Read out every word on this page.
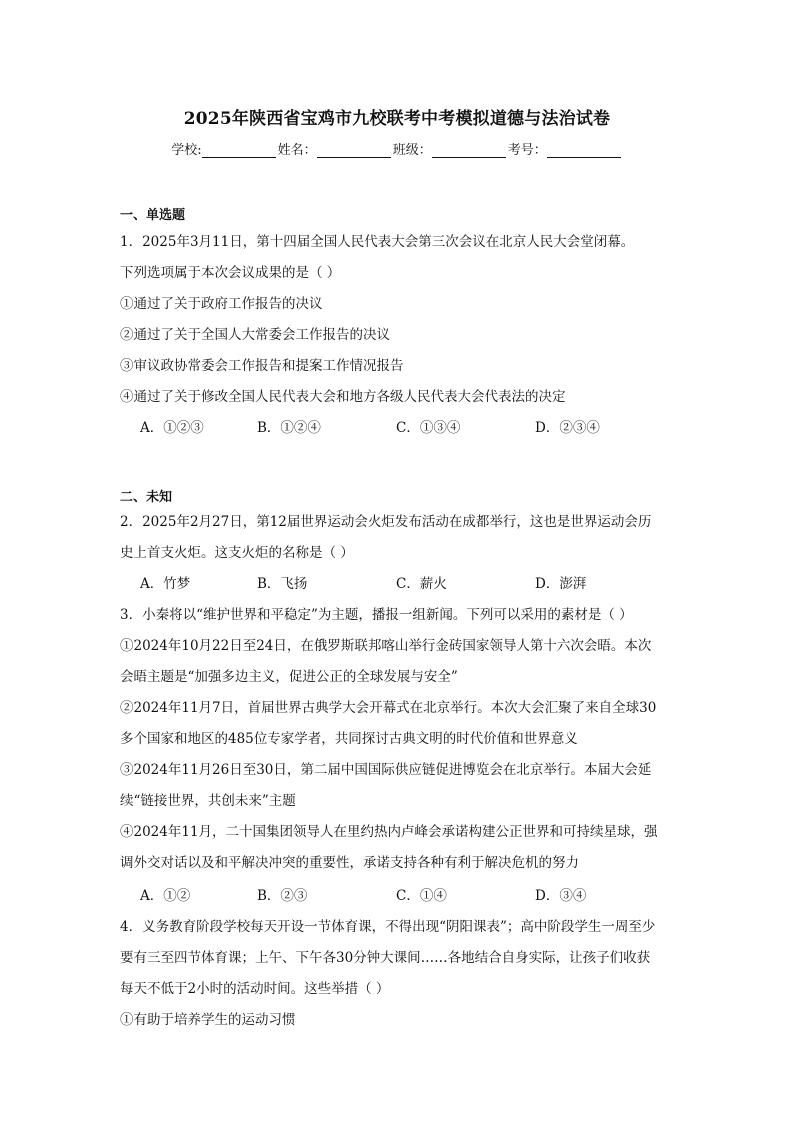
2025年陕西省宝鸡市九校联考中考模拟道德与法治试卷
学校:	姓名：	班级：	考号：
一、单选题
1．2025年3月11日，第十四届全国人民代表大会第三次会议在北京人民大会堂闭幕。
下列选项属于本次会议成果的是（ ）
①通过了关于政府工作报告的决议
②通过了关于全国人大常委会工作报告的决议
③审议政协常委会工作报告和提案工作情况报告
④通过了关于修改全国人民代表大会和地方各级人民代表大会代表法的决定
A．①②③	B．①②④	C．①③④	D．②③④
二、未知
2．2025年2月27日，第12届世界运动会火炬发布活动在成都举行，这也是世界运动会历
史上首支火炬。这支火炬的名称是（ ）
A．竹梦	B．飞扬	C．薪火	D．澎湃
3．小秦将以“维护世界和平稳定”为主题，播报一组新闻。下列可以采用的素材是（ ）
①2024年10月22日至24日，在俄罗斯联邦喀山举行金砖国家领导人第十六次会晤。本次
会晤主题是“加强多边主义，促进公正的全球发展与安全”
②2024年11月7日，首届世界古典学大会开幕式在北京举行。本次大会汇聚了来自全球30
多个国家和地区的485位专家学者，共同探讨古典文明的时代价值和世界意义
③2024年11月26日至30日，第二届中国国际供应链促进博览会在北京举行。本届大会延
续“链接世界，共创未来”主题
④2024年11月，二十国集团领导人在里约热内卢峰会承诺构建公正世界和可持续星球，强
调外交对话以及和平解决冲突的重要性，承诺支持各种有利于解决危机的努力
A．①②	B．②③	C．①④	D．③④
4．义务教育阶段学校每天开设一节体育课，不得出现“阴阳课表”；高中阶段学生一周至少
要有三至四节体育课；上午、下午各30分钟大课间……各地结合自身实际，让孩子们收获
每天不低于2小时的活动时间。这些举措（ ）
①有助于培养学生的运动习惯
